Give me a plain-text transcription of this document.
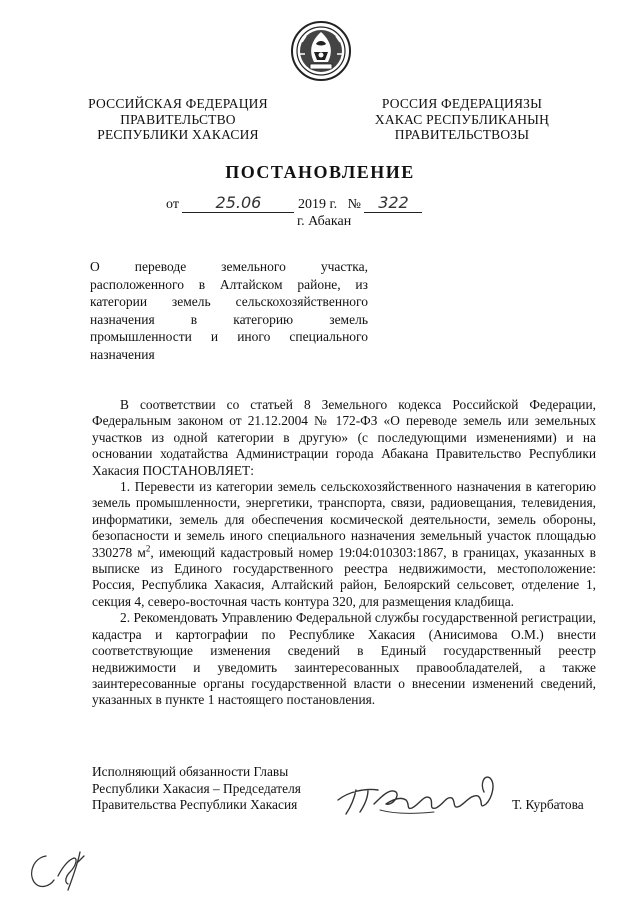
РОССИЙСКАЯ ФЕДЕРАЦИЯ
ПРАВИТЕЛЬСТВО
РЕСПУБЛИКИ ХАКАСИЯ
РОССИЯ ФЕДЕРАЦИЯЗЫ
ХАКАС РЕСПУБЛИКАНЫҢ
ПРАВИТЕЛЬСТВОЗЫ
ПОСТАНОВЛЕНИЕ
от 25.06	2019 г. № 322
г. Абакан
О переводе земельного участка, расположенного в Алтайском районе, из категории земель сельскохозяйственного назначения в категорию земель промышленности и иного специального назначения

В соответствии со статьей 8 Земельного кодекса Российской Федерации, Федеральным законом от 21.12.2004 № 172-ФЗ «О переводе земель или земельных участков из одной категории в другую» (с последующими изменениями) и на основании ходатайства Администрации города Абакана Правительство Республики Хакасия ПОСТАНОВЛЯЕТ:

1. Перевести из категории земель сельскохозяйственного назначения в категорию земель промышленности, энергетики, транспорта, связи, радиовещания, телевидения, информатики, земель для обеспечения космической деятельности, земель обороны, безопасности и земель иного специального назначения земельный участок площадью 330278 $м^2$, имеющий кадастровый номер 19:04:010303:1867, в границах, указанных в выписке из Единого государственного реестра недвижимости, местоположение: Россия, Республика Хакасия, Алтайский район, Белоярский сельсовет, отделение 1, секция 4, северо-восточная часть контура 320, для размещения кладбища.

2. Рекомендовать Управлению Федеральной службы государственной регистрации, кадастра и картографии по Республике Хакасия (Анисимова О.М.) внести соответствующие изменения сведений в Единый государственный реестр недвижимости и уведомить заинтересованных правообладателей, а также заинтересованные органы государственной власти о внесении изменений сведений, указанных в пункте 1 настоящего постановления.

Исполняющий обязанности Главы
Республики Хакасия – Председателя
Правительства Республики Хакасия	Т. Курбатова
